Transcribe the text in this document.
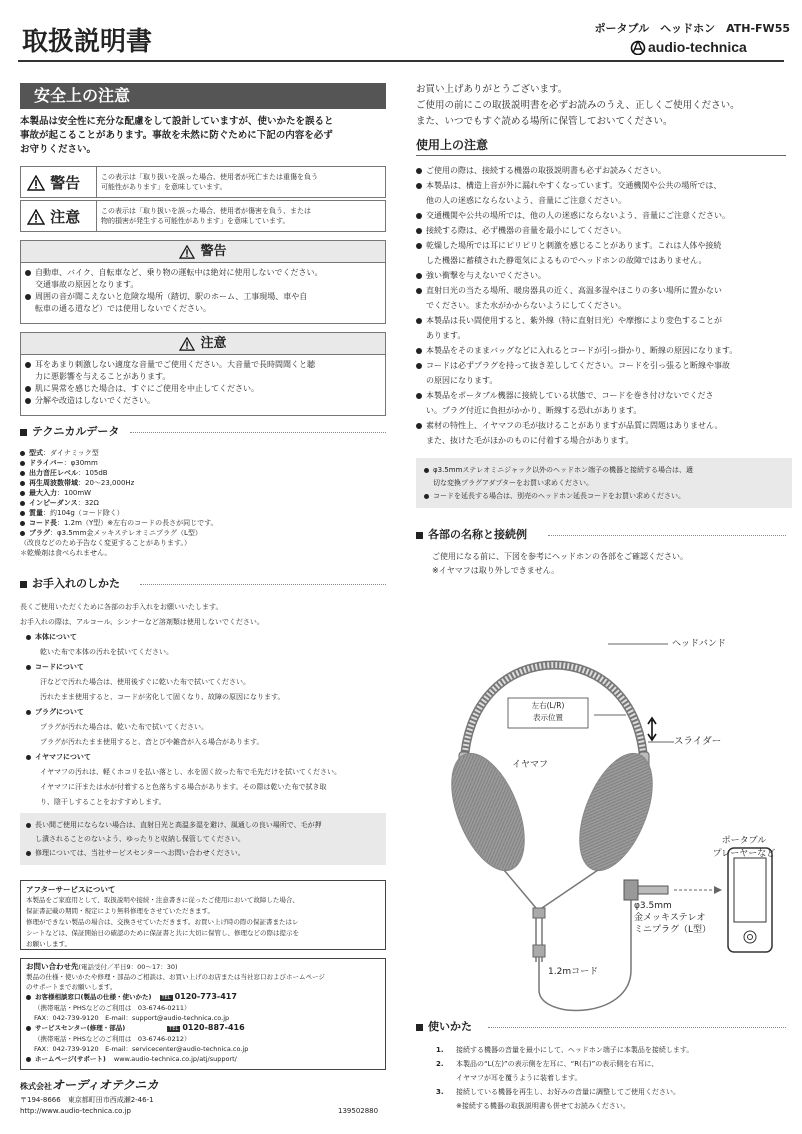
取扱説明書	ポータブル　ヘッドホン　ATH-FW55
audio-technica
安全上の注意
本製品は安全性に充分な配慮をして設計していますが、使いかたを誤ると
事故が起こることがあります。事故を未然に防ぐために下記の内容を必ず
お守りください。
警告	この表示は「取り扱いを誤った場合、使用者が死亡または重傷を負う
可能性があります」を意味しています。
注意	この表示は「取り扱いを誤った場合、使用者が傷害を負う、または
物的損害が発生する可能性があります」を意味しています。
警告
自動車、バイク、自転車など、乗り物の運転中は絶対に使用しないでください。
交通事故の原因となります。
周囲の音が聞こえないと危険な場所（踏切、駅のホーム、工事現場、車や自
転車の通る道など）では使用しないでください。
注意
耳をあまり刺激しない適度な音量でご使用ください。大音量で長時間聞くと聴
力に悪影響を与えることがあります。
肌に異常を感じた場合は、すぐにご使用を中止してください。
分解や改造はしないでください。
テクニカルデータ
型式：ダイナミック型
ドライバー：φ30mm
出力音圧レベル：105dB
再生周波数帯域：20～23,000Hz
最大入力：100mW
インピーダンス：32Ω
質量：約104g（コード除く）
コード長：1.2m（Y型）※左右のコードの長さが同じです。
プラグ：φ3.5mm金メッキステレオミニプラグ（L型）
（改良などのため予告なく変更することがあります。）
＊乾燥剤は食べられません。
お手入れのしかた
長くご使用いただくために各部のお手入れをお願いいたします。
お手入れの際は、アルコール、シンナーなど溶剤類は使用しないでください。
本体について
乾いた布で本体の汚れを拭いてください。
コードについて
汗などで汚れた場合は、使用後すぐに乾いた布で拭いてください。
汚れたまま使用すると、コードが劣化して固くなり、故障の原因になります。
プラグについて
プラグが汚れた場合は、乾いた布で拭いてください。
プラグが汚れたまま使用すると、音とびや雑音が入る場合があります。
イヤマフについて
イヤマフの汚れは、軽くホコリを払い落とし、水を固く絞った布で毛先だけを拭いてください。
イヤマフに汗または水が付着すると色落ちする場合があります。その際は乾いた布で拭き取
り、陰干しすることをおすすめします。
長い間ご使用にならない場合は、直射日光と高温多湿を避け、風通しの良い場所で、毛が押
し潰されることのないよう、ゆったりと収納し保管してください。
修理については、当社サービスセンターへお問い合わせください。
アフターサービスについて
本製品をご家庭用として、取扱説明や接続・注意書きに従ったご使用において故障した場合、
保証書記載の期間・規定により無料修理をさせていただきます。
修理ができない製品の場合は、交換させていただきます。お買い上げ時の際の保証書またはレ
シートなどは、保証開始日の確認のために保証書と共に大切に保管し、修理などの際は提示を
お願いします。
お問い合わせ先(電話受付／平日9：00～17：30)
製品の仕様・使いかたや修理・部品のご相談は、お買い上げのお店または当社窓口およびホームページ
のサポートまでお願いします。
お客様相談窓口(製品の仕様・使いかた) TEL 0120-773-417
（携帯電話・PHSなどのご利用は　03-6746-0211）
FAX：042-739-9120　E-mail：support@audio-technica.co.jp
サービスセンター(修理・部品)	TEL 0120-887-416
（携帯電話・PHSなどのご利用は　03-6746-0212）
FAX：042-739-9120　E-mail：servicecenter@audio-technica.co.jp
ホームページ(サポート) www.audio-technica.co.jp/atj/support/
株式会社オーディオテクニカ
〒194-8666　東京都町田市西成瀬2-46-1
http://www.audio-technica.co.jp	139502880
お買い上げありがとうございます。
ご使用の前にこの取扱説明書を必ずお読みのうえ、正しくご使用ください。
また、いつでもすぐ読める場所に保管しておいてください。
使用上の注意
ご使用の際は、接続する機器の取扱説明書も必ずお読みください。
本製品は、構造上音が外に漏れやすくなっています。交通機関や公共の場所では、
他の人の迷惑にならないよう、音量にご注意ください。
交通機関や公共の場所では、他の人の迷惑にならないよう、音量にご注意ください。
接続する際は、必ず機器の音量を最小にしてください。
乾燥した場所では耳にピリピリと刺激を感じることがあります。これは人体や接続
した機器に蓄積された静電気によるものでヘッドホンの故障ではありません。
強い衝撃を与えないでください。
直射日光の当たる場所、暖房器具の近く、高温多湿やほこりの多い場所に置かない
でください。また水がかからないようにしてください。
本製品は長い間使用すると、紫外線（特に直射日光）や摩擦により変色することが
あります。
本製品をそのままバッグなどに入れるとコードが引っ掛かり、断線の原因になります。
コードは必ずプラグを持って抜き差ししてください。コードを引っ張ると断線や事故
の原因になります。
本製品をポータブル機器に接続している状態で、コードを巻き付けないでくださ
い。プラグ付近に負担がかかり、断線する恐れがあります。
素材の特性上、イヤマフの毛が抜けることがありますが品質に問題はありません。
また、抜けた毛がほかのものに付着する場合があります。
φ3.5mmステレオミニジャック以外のヘッドホン端子の機器と接続する場合は、適
切な変換プラグアダプターをお買い求めください。
コードを延長する場合は、別売のヘッドホン延長コードをお買い求めください。
各部の名称と接続例
ご使用になる前に、下図を参考にヘッドホンの各部をご確認ください。
※イヤマフは取り外しできません。
ヘッドバンド
左右(L/R)
表示位置
スライダー
イヤマフ
ポータブル
プレーヤーなど
φ3.5mm
金メッキステレオ
ミニプラグ（L型）
1.2mコード
使いかた
1. 接続する機器の音量を最小にして、ヘッドホン端子に本製品を接続します。
2. 本製品の“L(左)”の表示側を左耳に、“R(右)”の表示側を右耳に、
イヤマフが耳を覆うように装着します。
3. 接続している機器を再生し、お好みの音量に調整してご使用ください。
※接続する機器の取扱説明書も併せてお読みください。
